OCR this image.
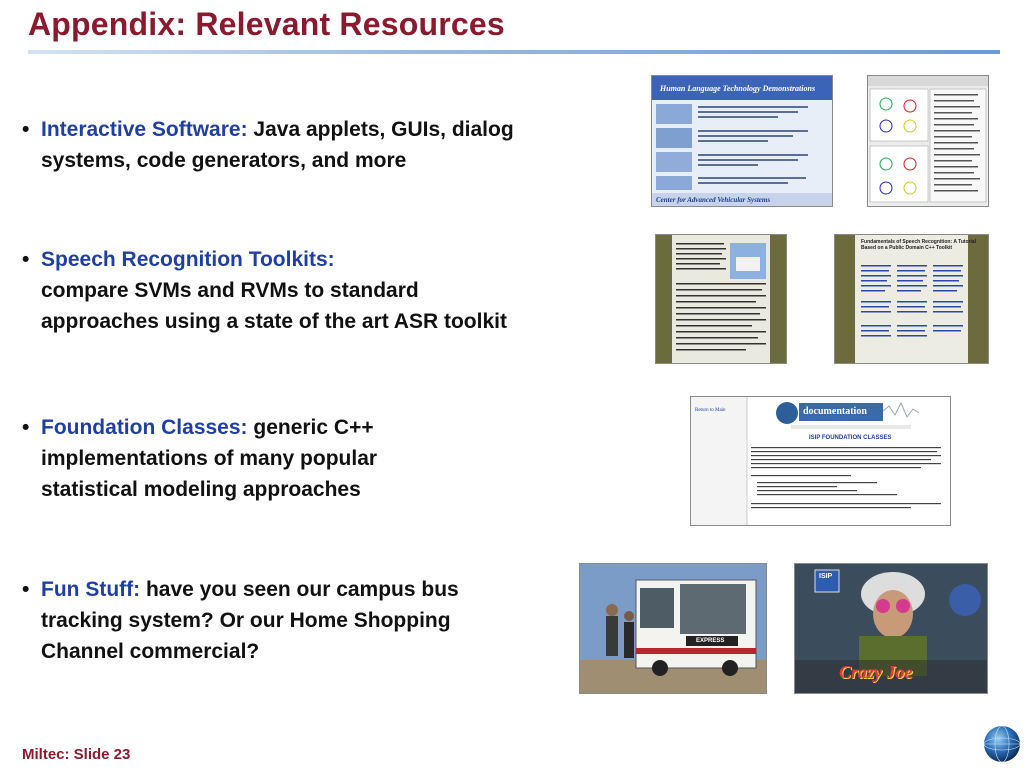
Appendix: Relevant Resources
• Interactive Software: Java applets, GUIs, dialog systems, code generators, and more
• Speech Recognition Toolkits:
compare SVMs and RVMs to standard approaches using a state of the art ASR toolkit
• Foundation Classes: generic C++ implementations of many popular statistical modeling approaches
• Fun Stuff: have you seen our campus bus tracking system? Or our Home Shopping Channel commercial?
Human Language Technology Demonstrations
Center for Advanced Vehicular Systems
Fundamentals of Speech Recognition: A Tutorial Based on a Public Domain C++ Toolkit
documentation
ISIP FOUNDATION CLASSES
Return to Main
EXPRESS
ISIP
Crazy Joe
Miltec: Slide 23
